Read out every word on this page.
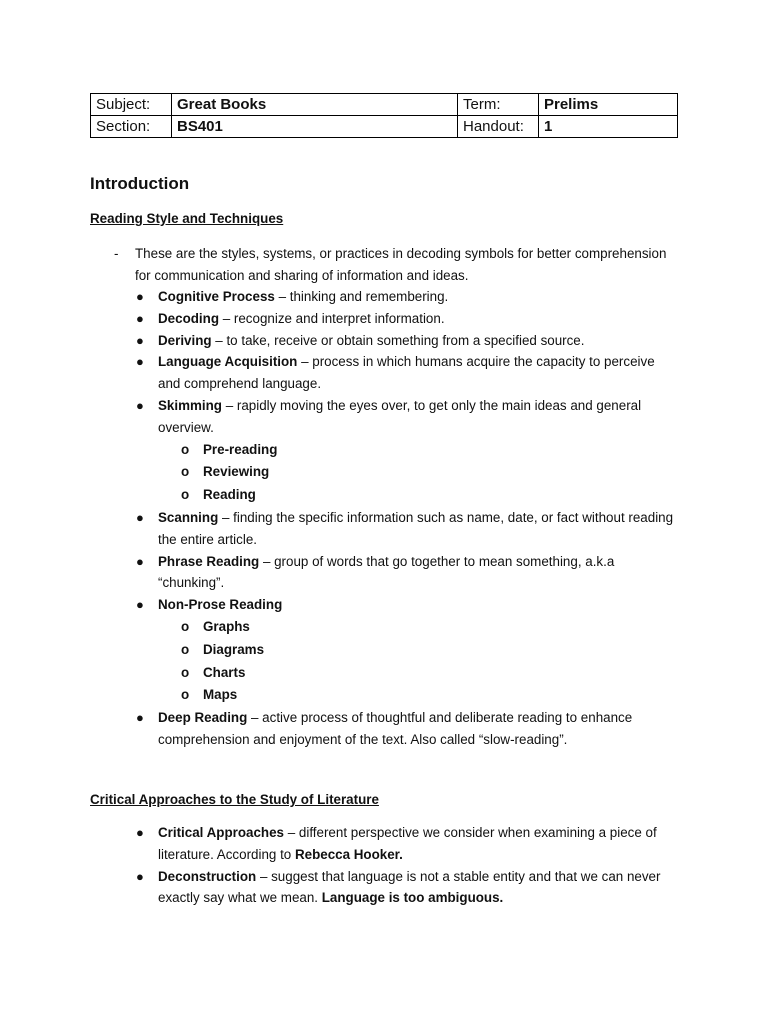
Subject:	Great Books	Term:	Prelims
Section:	BS401	Handout:	1
Introduction
Reading Style and Techniques
- These are the styles, systems, or practices in decoding symbols for better comprehension for communication and sharing of information and ideas.
● Cognitive Process – thinking and remembering.
● Decoding – recognize and interpret information.
● Deriving – to take, receive or obtain something from a specified source.
● Language Acquisition – process in which humans acquire the capacity to perceive and comprehend language.
● Skimming – rapidly moving the eyes over, to get only the main ideas and general overview.
o Pre-reading
o Reviewing
o Reading
● Scanning – finding the specific information such as name, date, or fact without reading the entire article.
● Phrase Reading – group of words that go together to mean something, a.k.a “chunking”.
● Non-Prose Reading
o Graphs
o Diagrams
o Charts
o Maps
● Deep Reading – active process of thoughtful and deliberate reading to enhance comprehension and enjoyment of the text. Also called “slow-reading”.
Critical Approaches to the Study of Literature
● Critical Approaches – different perspective we consider when examining a piece of literature. According to Rebecca Hooker.
● Deconstruction – suggest that language is not a stable entity and that we can never exactly say what we mean. Language is too ambiguous.
